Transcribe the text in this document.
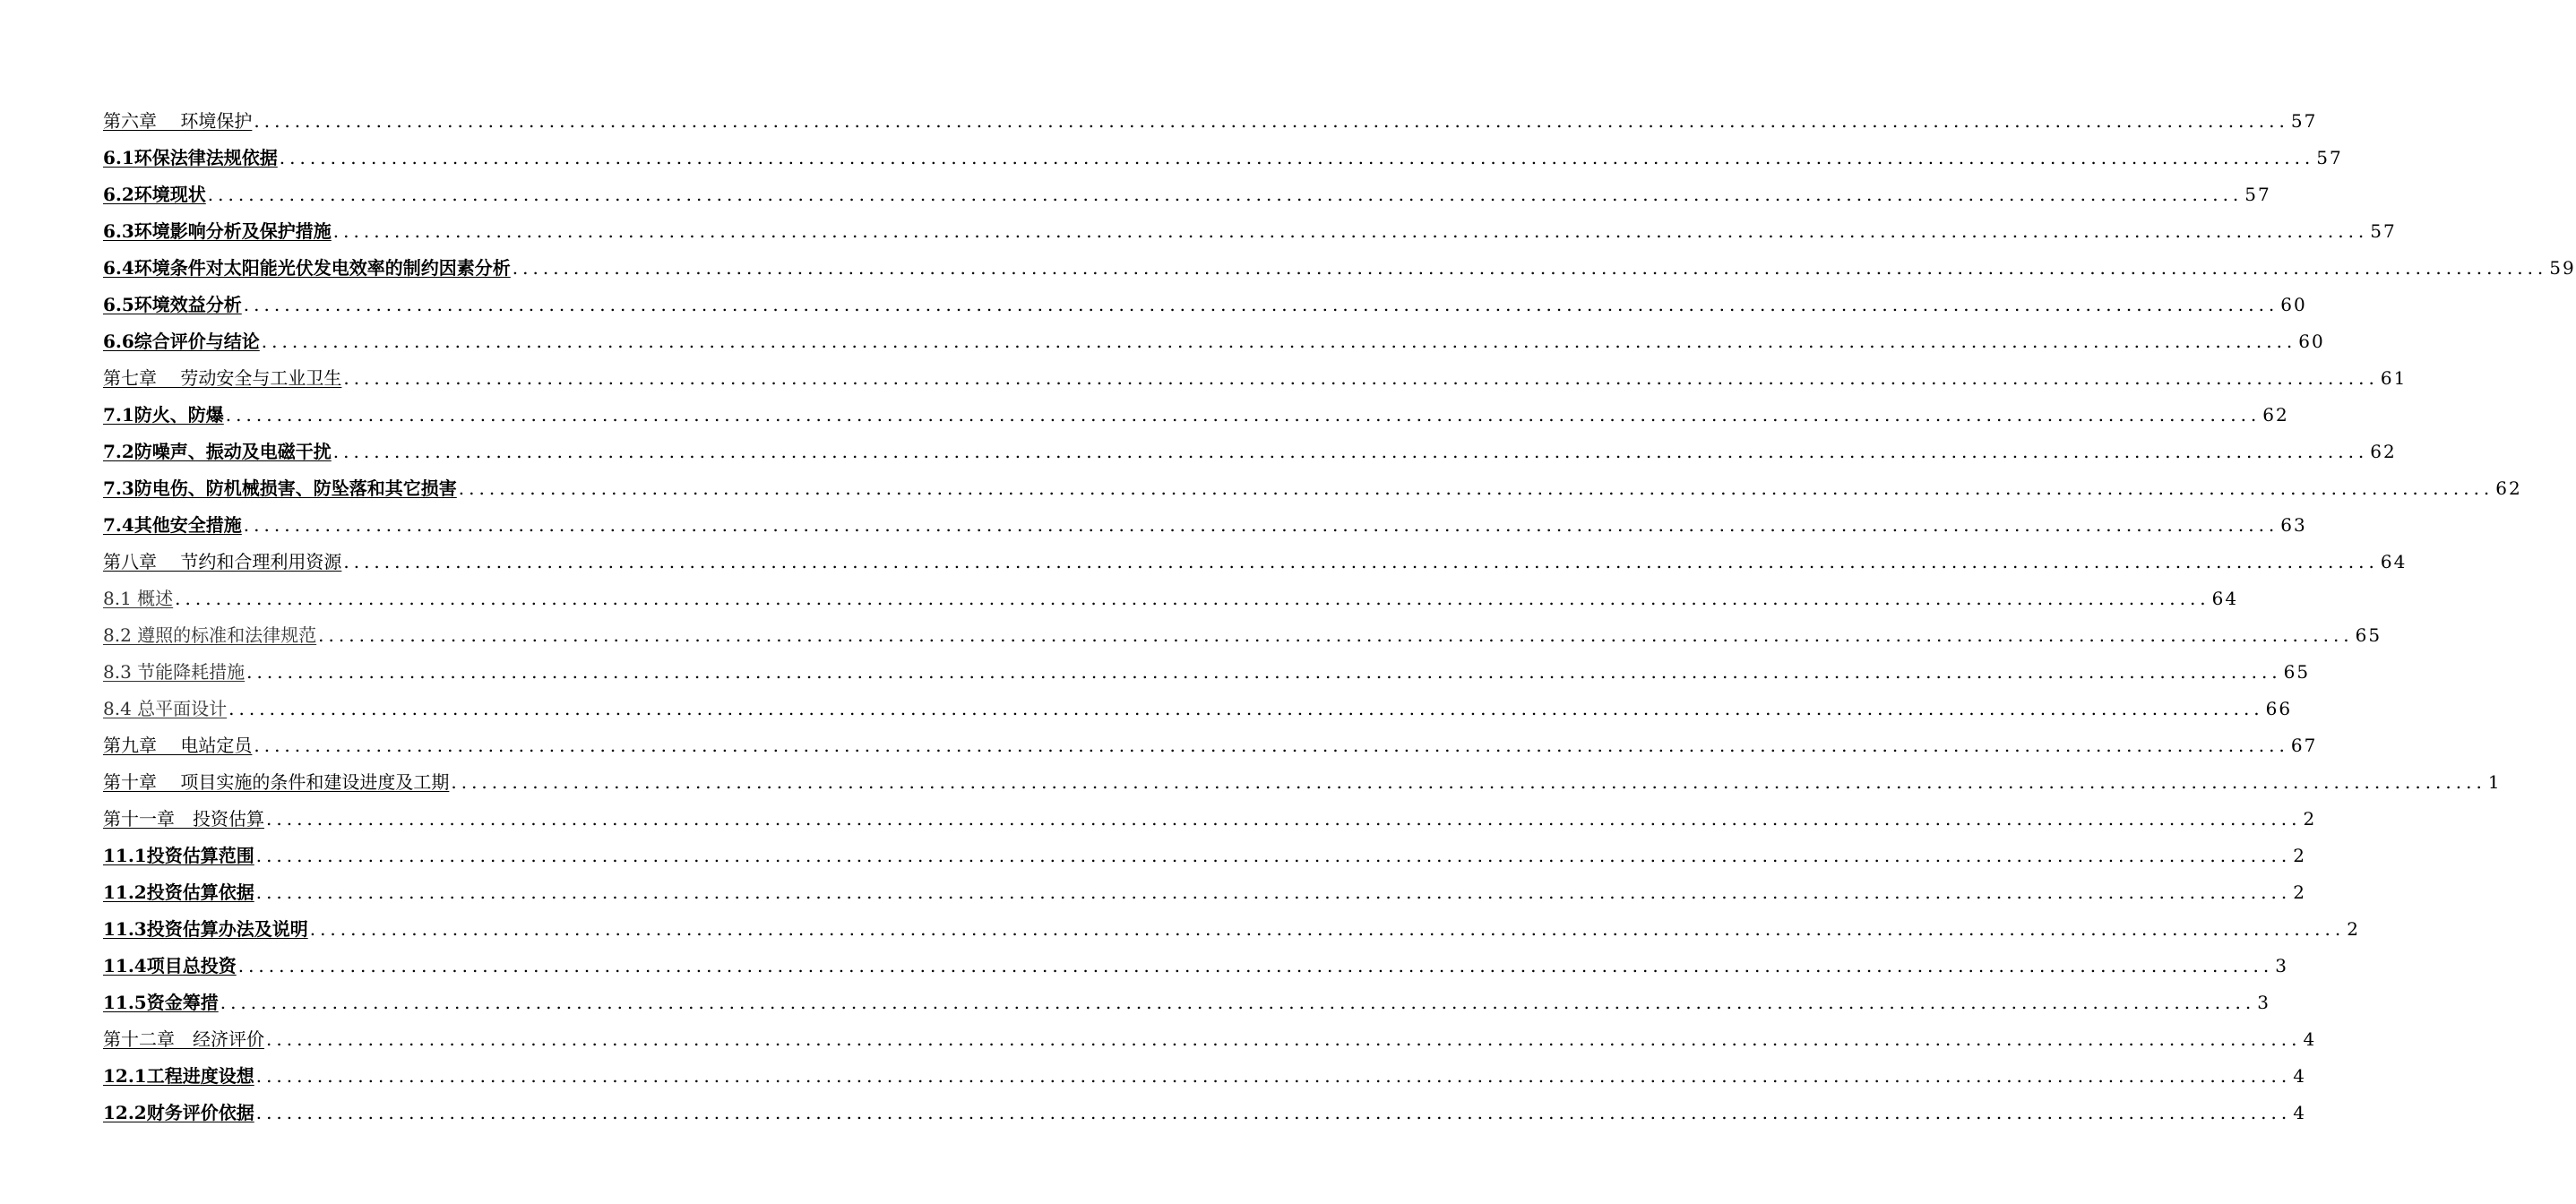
第六章　 环境保护 ........................................................................................................................................................................................................ 57
6.1环保法律法规依据 ........................................................................................................................................................................................................ 57
6.2环境现状 ........................................................................................................................................................................................................ 57
6.3环境影响分析及保护措施 ........................................................................................................................................................................................................ 57
6.4环境条件对太阳能光伏发电效率的制约因素分析 ........................................................................................................................................................................................................ 59
6.5环境效益分析 ........................................................................................................................................................................................................ 60
6.6综合评价与结论 ........................................................................................................................................................................................................ 60
第七章　 劳动安全与工业卫生 ........................................................................................................................................................................................................ 61
7.1防火、防爆 ........................................................................................................................................................................................................ 62
7.2防噪声、振动及电磁干扰 ........................................................................................................................................................................................................ 62
7.3防电伤、防机械损害、防坠落和其它损害 ........................................................................................................................................................................................................ 62
7.4其他安全措施 ........................................................................................................................................................................................................ 63
第八章　 节约和合理利用资源 ........................................................................................................................................................................................................ 64
8.1 概述 ........................................................................................................................................................................................................ 64
8.2 遵照的标准和法律规范 ........................................................................................................................................................................................................ 65
8.3 节能降耗措施 ........................................................................................................................................................................................................ 65
8.4 总平面设计 ........................................................................................................................................................................................................ 66
第九章　 电站定员 ........................................................................................................................................................................................................ 67
第十章　 项目实施的条件和建设进度及工期 ........................................................................................................................................................................................................ 1
第十一章　投资估算 ........................................................................................................................................................................................................ 2
11.1投资估算范围 ........................................................................................................................................................................................................ 2
11.2投资估算依据 ........................................................................................................................................................................................................ 2
11.3投资估算办法及说明 ........................................................................................................................................................................................................ 2
11.4项目总投资 ........................................................................................................................................................................................................ 3
11.5资金筹措 ........................................................................................................................................................................................................ 3
第十二章　经济评价 ........................................................................................................................................................................................................ 4
12.1工程进度设想 ........................................................................................................................................................................................................ 4
12.2财务评价依据 ........................................................................................................................................................................................................ 4
